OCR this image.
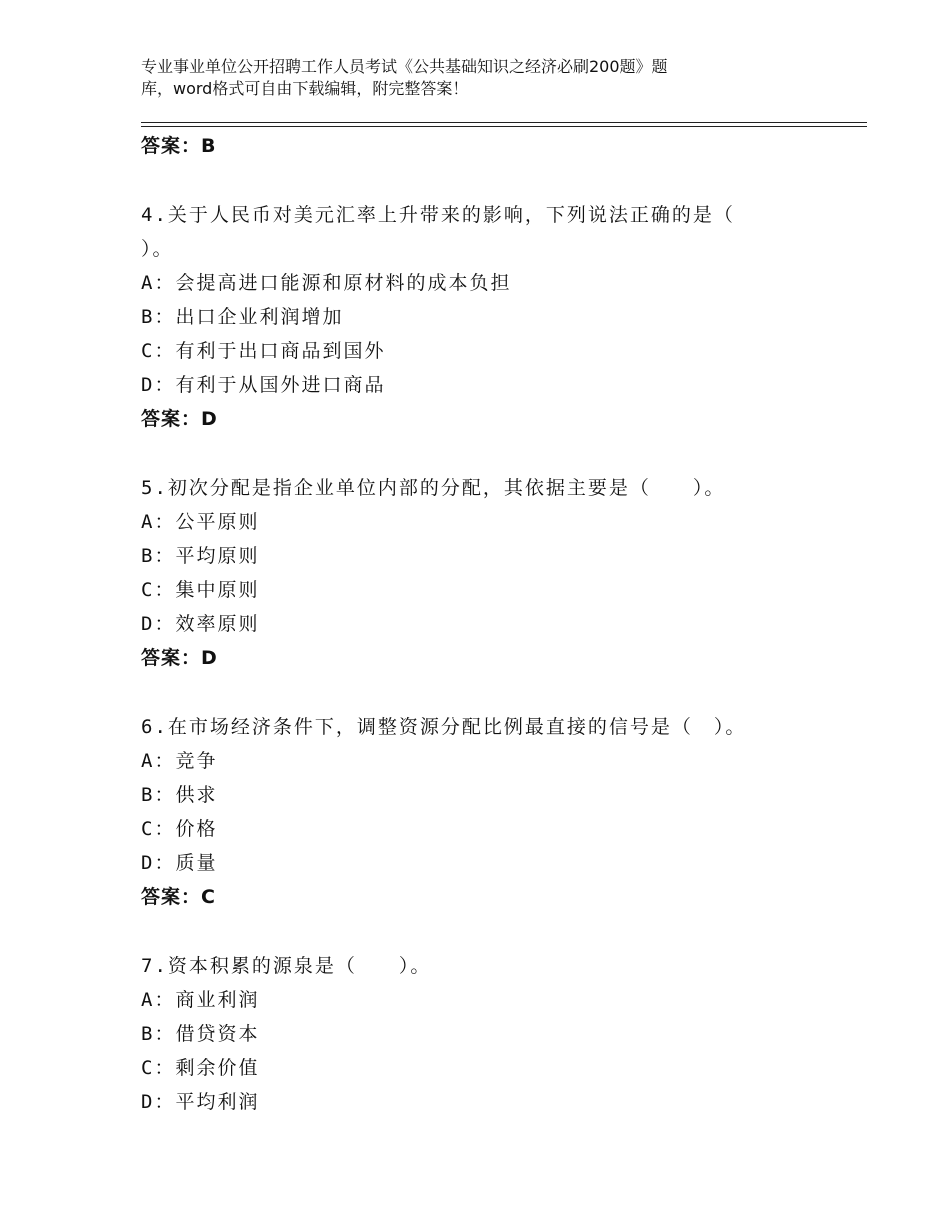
专业事业单位公开招聘工作人员考试《公共基础知识之经济必刷200题》题
库，word格式可自由下载编辑，附完整答案！
答案：B
4.关于人民币对美元汇率上升带来的影响，下列说法正确的是（
）。
A：会提高进口能源和原材料的成本负担
B：出口企业利润增加
C：有利于出口商品到国外
D：有利于从国外进口商品
答案：D
5.初次分配是指企业单位内部的分配，其依据主要是（　　）。
A：公平原则
B：平均原则
C：集中原则
D：效率原则
答案：D
6.在市场经济条件下，调整资源分配比例最直接的信号是（　）。
A：竞争
B：供求
C：价格
D：质量
答案：C
7.资本积累的源泉是（　　）。
A：商业利润
B：借贷资本
C：剩余价值
D：平均利润
